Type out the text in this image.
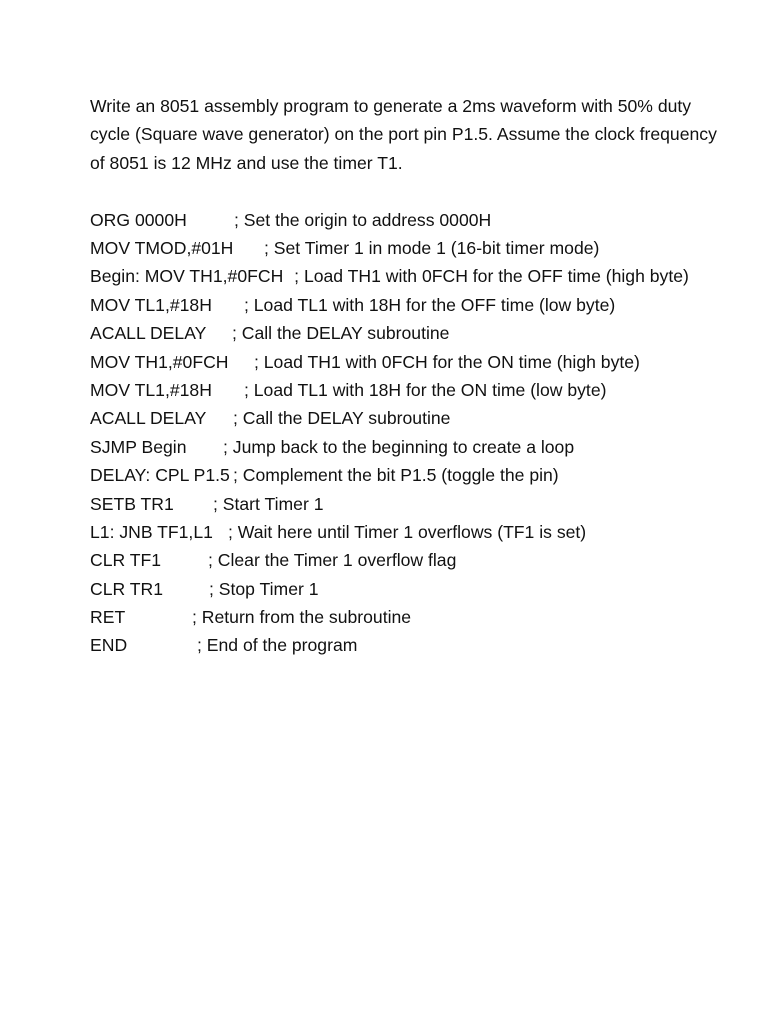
Write an 8051 assembly program to generate a 2ms waveform with 50% duty cycle (Square wave generator) on the port pin P1.5. Assume the clock frequency of 8051 is 12 MHz and use the timer T1.

ORG 0000H	; Set the origin to address 0000H
MOV TMOD,#01H ; Set Timer 1 in mode 1 (16-bit timer mode)
Begin: MOV TH1,#0FCH ; Load TH1 with 0FCH for the OFF time (high byte)
MOV TL1,#18H ; Load TL1 with 18H for the OFF time (low byte)
ACALL DELAY ; Call the DELAY subroutine
MOV TH1,#0FCH ; Load TH1 with 0FCH for the ON time (high byte)
MOV TL1,#18H ; Load TL1 with 18H for the ON time (low byte)
ACALL DELAY ; Call the DELAY subroutine
SJMP Begin ; Jump back to the beginning to create a loop
DELAY: CPL P1.5 ; Complement the bit P1.5 (toggle the pin)
SETB TR1 ; Start Timer 1
L1: JNB TF1,L1 ; Wait here until Timer 1 overflows (TF1 is set)
CLR TF1	; Clear the Timer 1 overflow flag
CLR TR1	; Stop Timer 1
RET	; Return from the subroutine
END	; End of the program
